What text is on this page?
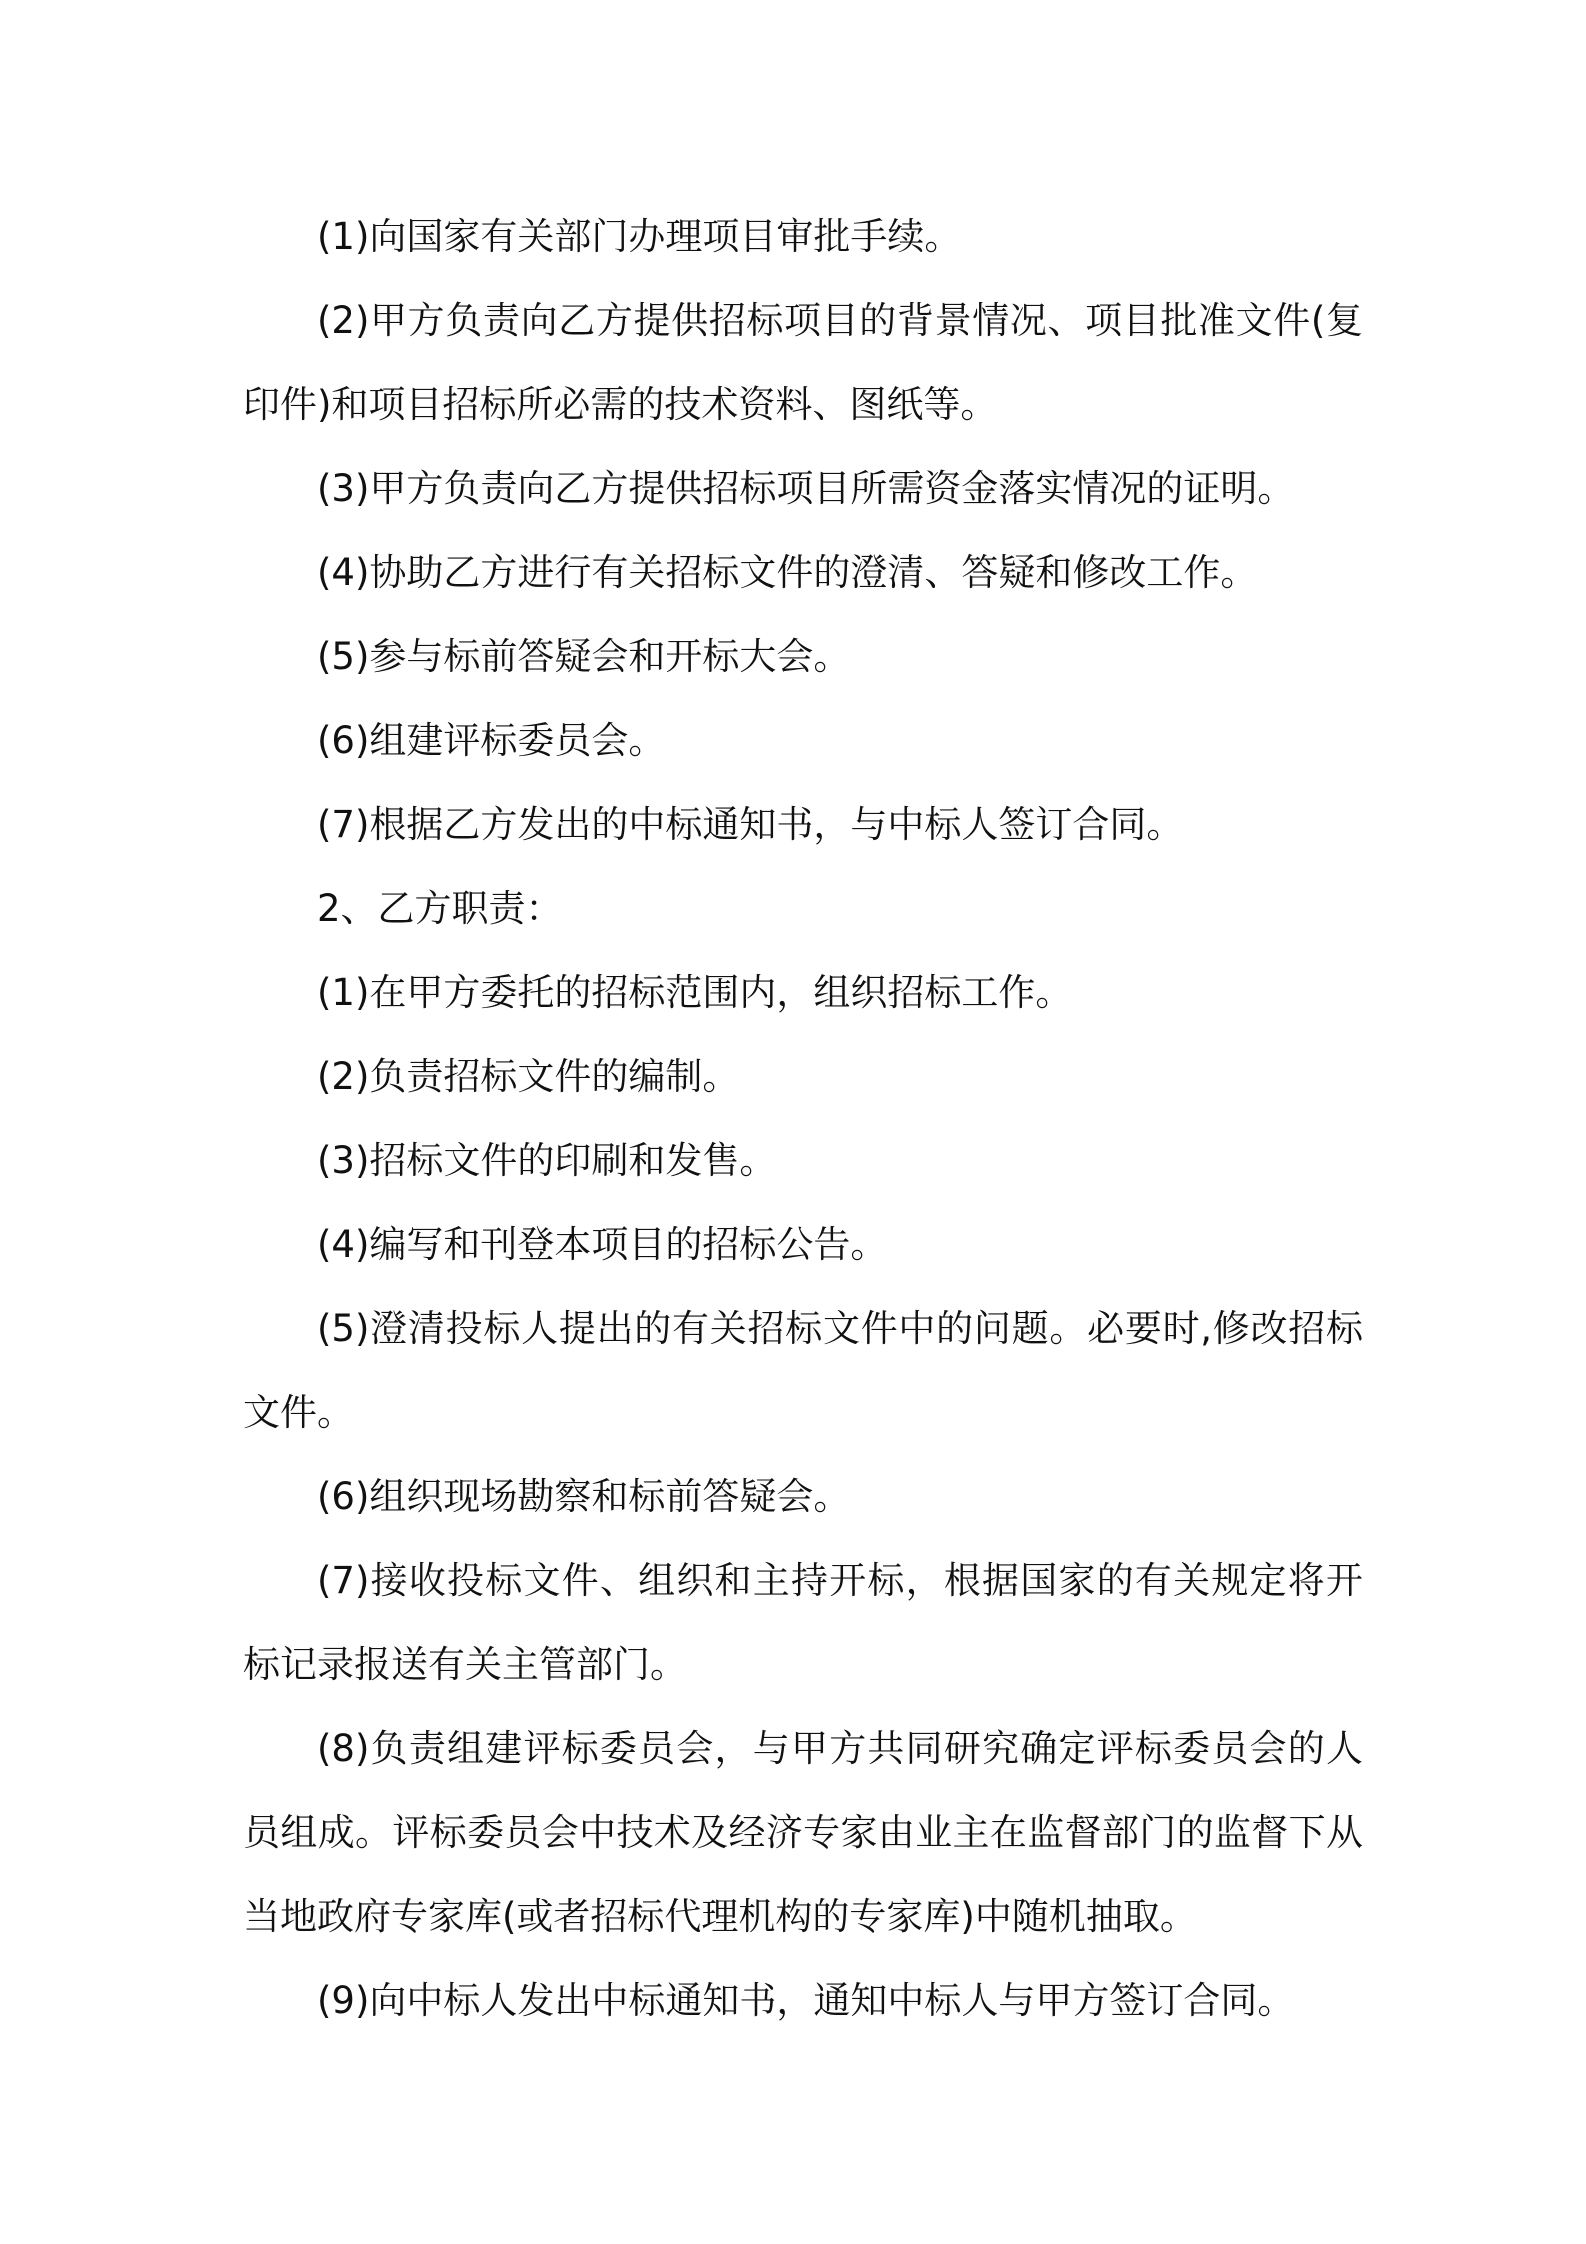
(1)向国家有关部门办理项目审批手续。

(2)甲方负责向乙方提供招标项目的背景情况、项目批准文件(复印件)和项目招标所必需的技术资料、图纸等。

(3)甲方负责向乙方提供招标项目所需资金落实情况的证明。

(4)协助乙方进行有关招标文件的澄清、答疑和修改工作。

(5)参与标前答疑会和开标大会。

(6)组建评标委员会。

(7)根据乙方发出的中标通知书，与中标人签订合同。

2、乙方职责：

(1)在甲方委托的招标范围内，组织招标工作。

(2)负责招标文件的编制。

(3)招标文件的印刷和发售。

(4)编写和刊登本项目的招标公告。

(5)澄清投标人提出的有关招标文件中的问题。必要时,修改招标文件。

(6)组织现场勘察和标前答疑会。

(7)接收投标文件、组织和主持开标，根据国家的有关规定将开标记录报送有关主管部门。

(8)负责组建评标委员会，与甲方共同研究确定评标委员会的人员组成。评标委员会中技术及经济专家由业主在监督部门的监督下从当地政府专家库(或者招标代理机构的专家库)中随机抽取。

(9)向中标人发出中标通知书，通知中标人与甲方签订合同。
